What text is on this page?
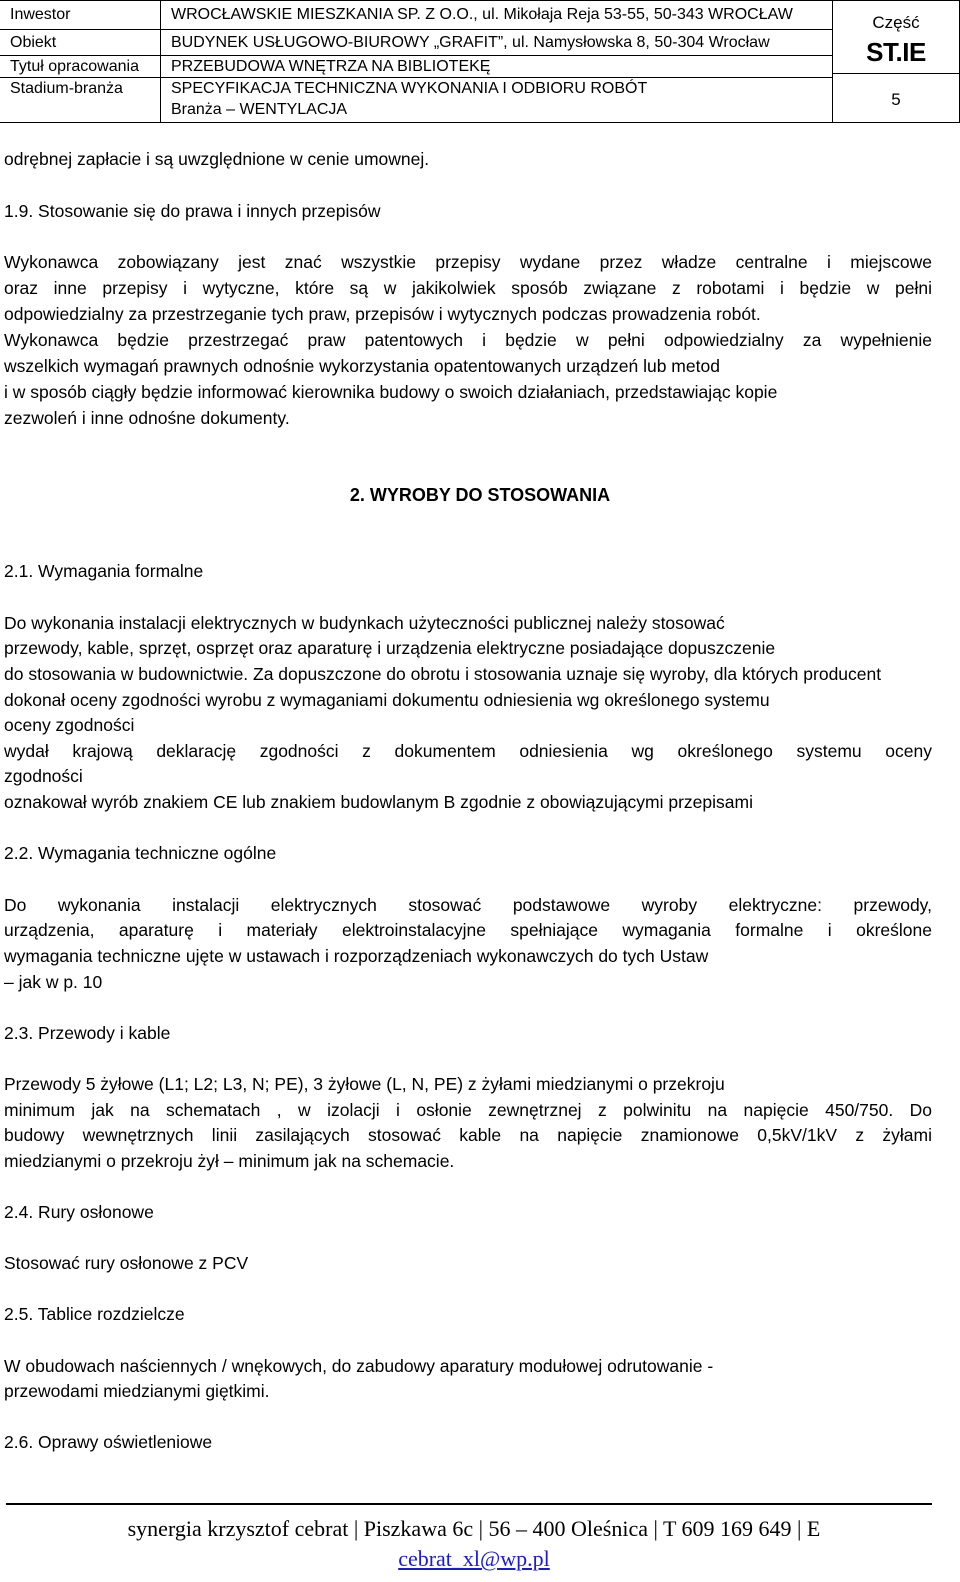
Inwestor	WROCŁAWSKIE MIESZKANIA SP. Z O.O., ul. Mikołaja Reja 53-55, 50-343 WROCŁAW
Obiekt	BUDYNEK USŁUGOWO-BIUROWY „GRAFIT”, ul. Namysłowska 8, 50-304 Wrocław
Tytuł opracowania PRZEBUDOWA WNĘTRZA NA BIBLIOTEKĘ
Stadium-branża	SPECYFIKACJA TECHNICZNA WYKONANIA I ODBIORU ROBÓT
Branża – WENTYLACJA
Część
ST.IE
5
odrębnej zapłacie i są uwzględnione w cenie umownej.
1.9. Stosowanie się do prawa i innych przepisów
Wykonawca zobowiązany jest znać wszystkie przepisy wydane przez władze centralne i miejscowe
oraz inne przepisy i wytyczne, które są w jakikolwiek sposób związane z robotami i będzie w pełni
odpowiedzialny za przestrzeganie tych praw, przepisów i wytycznych podczas prowadzenia robót.
Wykonawca będzie przestrzegać praw patentowych i będzie w pełni odpowiedzialny za wypełnienie
wszelkich wymagań prawnych odnośnie wykorzystania opatentowanych urządzeń lub metod
i w sposób ciągły będzie informować kierownika budowy o swoich działaniach, przedstawiając kopie
zezwoleń i inne odnośne dokumenty.
2. WYROBY DO STOSOWANIA
2.1. Wymagania formalne
Do wykonania instalacji elektrycznych w budynkach użyteczności publicznej należy stosować
przewody, kable, sprzęt, osprzęt oraz aparaturę i urządzenia elektryczne posiadające dopuszczenie
do stosowania w budownictwie. Za dopuszczone do obrotu i stosowania uznaje się wyroby, dla których producent
dokonał oceny zgodności wyrobu z wymaganiami dokumentu odniesienia wg określonego systemu
oceny zgodności
wydał krajową deklarację zgodności z dokumentem odniesienia wg określonego systemu oceny
zgodności
oznakował wyrób znakiem CE lub znakiem budowlanym B zgodnie z obowiązującymi przepisami
2.2. Wymagania techniczne ogólne
Do wykonania instalacji elektrycznych stosować podstawowe wyroby elektryczne: przewody,
urządzenia, aparaturę i materiały elektroinstalacyjne spełniające wymagania formalne i określone
wymagania techniczne ujęte w ustawach i rozporządzeniach wykonawczych do tych Ustaw
– jak w p. 10
2.3. Przewody i kable
Przewody 5 żyłowe (L1; L2; L3, N; PE), 3 żyłowe (L, N, PE) z żyłami miedzianymi o przekroju
minimum jak na schematach , w izolacji i osłonie zewnętrznej z polwinitu na napięcie 450/750. Do
budowy wewnętrznych linii zasilających stosować kable na napięcie znamionowe 0,5kV/1kV z żyłami
miedzianymi o przekroju żył – minimum jak na schemacie.
2.4. Rury osłonowe
Stosować rury osłonowe z PCV
2.5. Tablice rozdzielcze
W obudowach naściennych / wnękowych, do zabudowy aparatury modułowej odrutowanie -
przewodami miedzianymi giętkimi.
2.6. Oprawy oświetleniowe
synergia krzysztof cebrat | Piszkawa 6c | 56 – 400 Oleśnica | T 609 169 649 | E
cebrat_xl@wp.pl
